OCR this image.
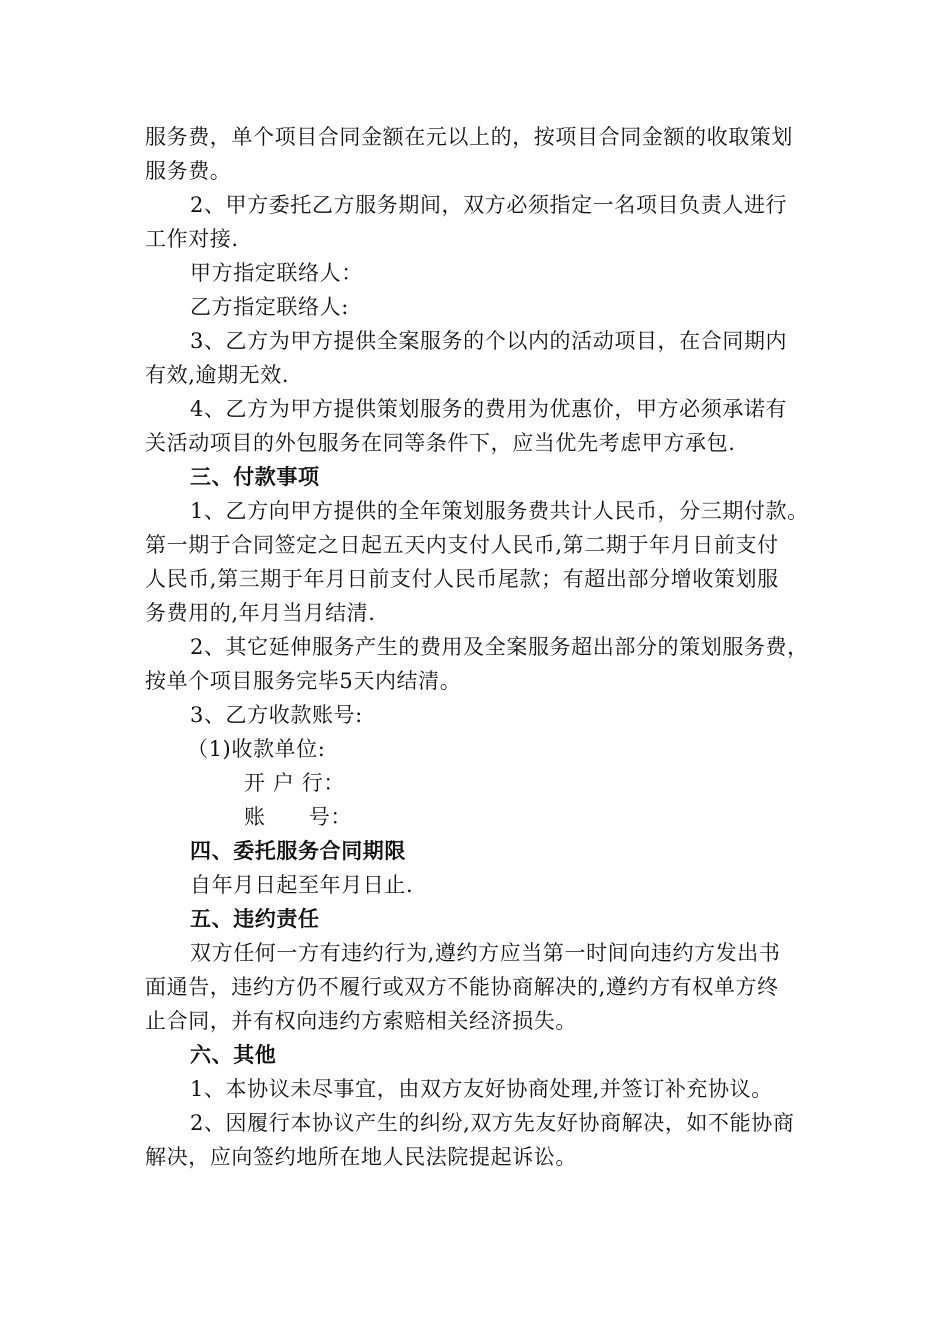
服务费，单个项目合同金额在元以上的，按项目合同金额的收取策划
服务费。
2、甲方委托乙方服务期间，双方必须指定一名项目负责人进行
工作对接.
甲方指定联络人：
乙方指定联络人:
3、乙方为甲方提供全案服务的个以内的活动项目，在合同期内
有效,逾期无效.
4、乙方为甲方提供策划服务的费用为优惠价，甲方必须承诺有
关活动项目的外包服务在同等条件下，应当优先考虑甲方承包.
三、付款事项
1、乙方向甲方提供的全年策划服务费共计人民币，分三期付款。
第一期于合同签定之日起五天内支付人民币,第二期于年月日前支付
人民币,第三期于年月日前支付人民币尾款；有超出部分增收策划服
务费用的,年月当月结清.
2、其它延伸服务产生的费用及全案服务超出部分的策划服务费，
按单个项目服务完毕5天内结清。
3、乙方收款账号:
（1)收款单位:
开 户 行：
账　　号：
四、委托服务合同期限
自年月日起至年月日止.
五、违约责任
双方任何一方有违约行为,遵约方应当第一时间向违约方发出书
面通告，违约方仍不履行或双方不能协商解决的,遵约方有权单方终
止合同，并有权向违约方索赔相关经济损失。
六、其他
1、本协议未尽事宜，由双方友好协商处理,并签订补充协议。
2、因履行本协议产生的纠纷,双方先友好协商解决，如不能协商
解决，应向签约地所在地人民法院提起诉讼。
